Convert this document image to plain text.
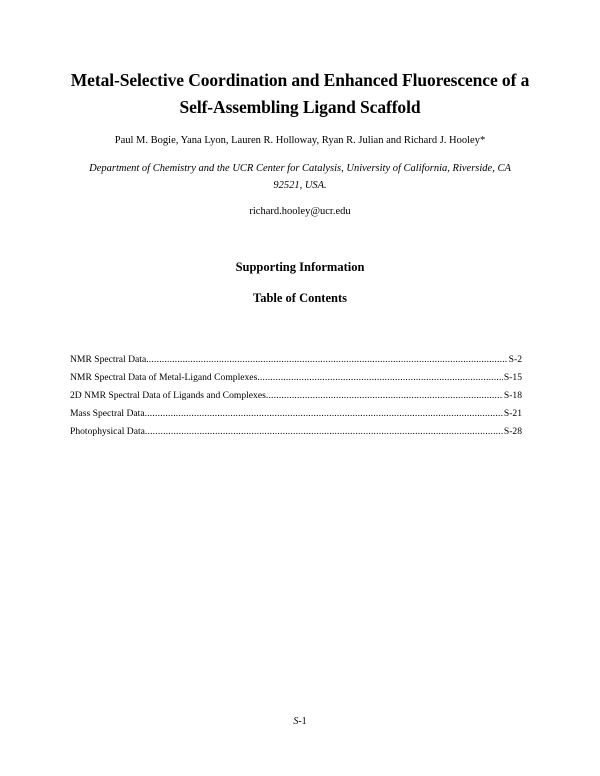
Metal-Selective Coordination and Enhanced Fluorescence of a
Self-Assembling Ligand Scaffold
Paul M. Bogie, Yana Lyon, Lauren R. Holloway, Ryan R. Julian and Richard J. Hooley*
Department of Chemistry and the UCR Center for Catalysis, University of California, Riverside, CA
92521, USA.
richard.hooley@ucr.edu
Supporting Information
Table of Contents
NMR Spectral Data .....	S-2
NMR Spectral Data of Metal-Ligand Complexes .....	S-15
2D NMR Spectral Data of Ligands and Complexes .....	S-18
Mass Spectral Data .....	S-21
Photophysical Data .....	S-28
S-1
